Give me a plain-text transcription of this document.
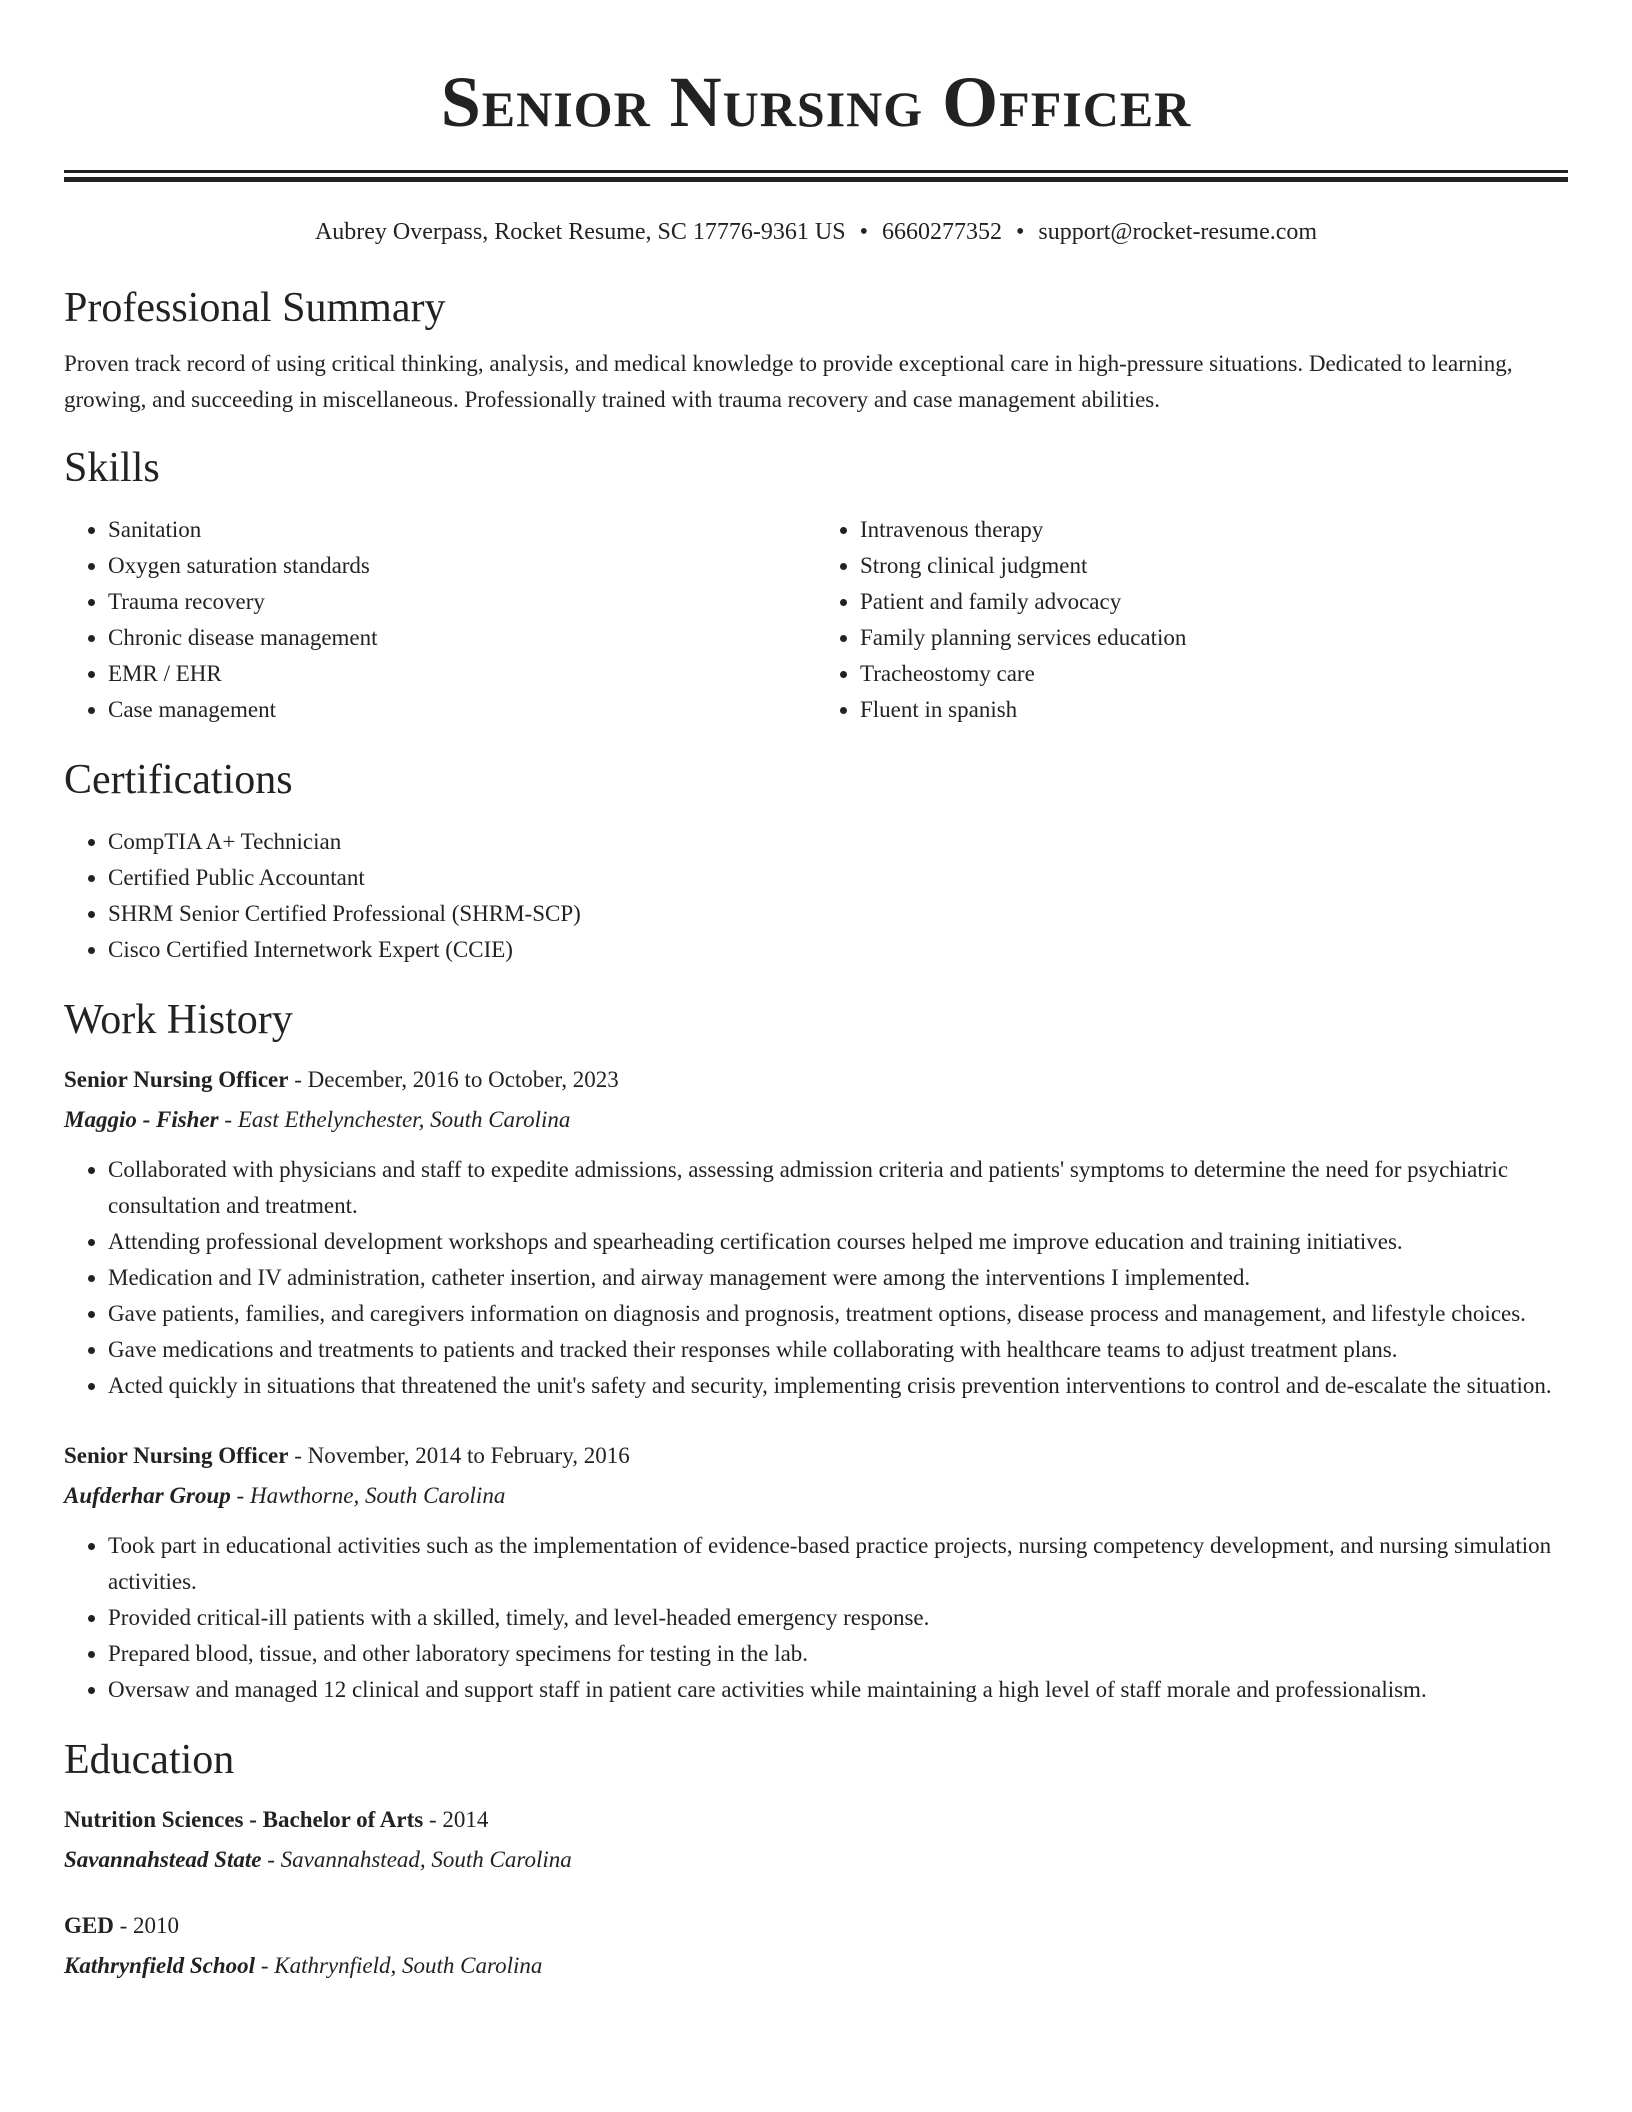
Senior Nursing Officer
Aubrey Overpass, Rocket Resume, SC 17776-9361 US • 6660277352 • support@rocket-resume.com
Professional Summary

Proven track record of using critical thinking, analysis, and medical knowledge to provide exceptional care in high-pressure situations. Dedicated to learning, growing, and succeeding in miscellaneous. Professionally trained with trauma recovery and case management abilities.

Skills
• Sanitation
• Oxygen saturation standards
• Trauma recovery
• Chronic disease management
• EMR / EHR
• Case management
• Intravenous therapy
• Strong clinical judgment
• Patient and family advocacy
• Family planning services education
• Tracheostomy care
• Fluent in spanish
Certifications
• CompTIA A+ Technician
• Certified Public Accountant
• SHRM Senior Certified Professional (SHRM-SCP)
• Cisco Certified Internetwork Expert (CCIE)
Work History

Senior Nursing Officer - December, 2016 to October, 2023

Maggio - Fisher - East Ethelynchester, South Carolina

• Collaborated with physicians and staff to expedite admissions, assessing admission criteria and patients' symptoms to determine the need for psychiatric consultation and treatment.
• Attending professional development workshops and spearheading certification courses helped me improve education and training initiatives.
• Medication and IV administration, catheter insertion, and airway management were among the interventions I implemented.
• Gave patients, families, and caregivers information on diagnosis and prognosis, treatment options, disease process and management, and lifestyle choices.
• Gave medications and treatments to patients and tracked their responses while collaborating with healthcare teams to adjust treatment plans.
• Acted quickly in situations that threatened the unit's safety and security, implementing crisis prevention interventions to control and de-escalate the situation.

Senior Nursing Officer - November, 2014 to February, 2016

Aufderhar Group - Hawthorne, South Carolina

• Took part in educational activities such as the implementation of evidence-based practice projects, nursing competency development, and nursing simulation activities.
• Provided critical-ill patients with a skilled, timely, and level-headed emergency response.
• Prepared blood, tissue, and other laboratory specimens for testing in the lab.
• Oversaw and managed 12 clinical and support staff in patient care activities while maintaining a high level of staff morale and professionalism.
Education

Nutrition Sciences - Bachelor of Arts - 2014

Savannahstead State - Savannahstead, South Carolina

GED - 2010

Kathrynfield School - Kathrynfield, South Carolina
